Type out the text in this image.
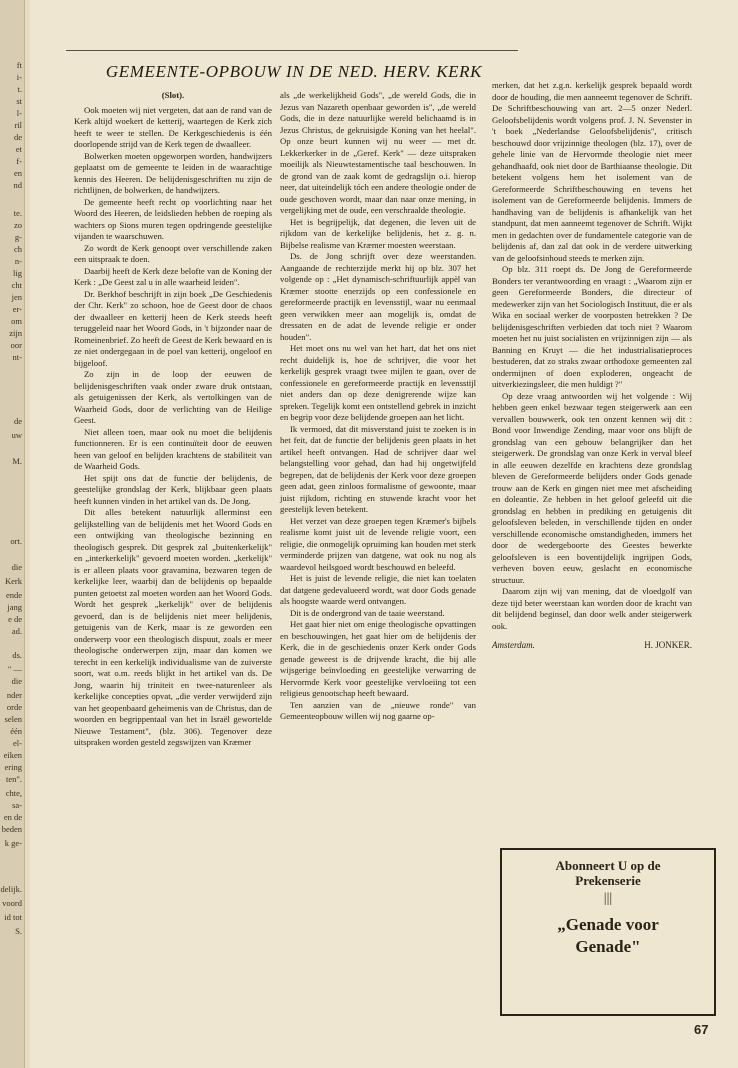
ft
i-
t.
st
l-
ril
de
et
f-
en
nd
te.
zo
g-
ch
n-
lig
cht
jen
er-
om
zijn
oor
nt-
de
uw
M.
ort.
die
Kerk
ende
jang
e de
ad.
ds.
" —
die
nder
orde
selen
één
el-
eiken
ering
ten".
chte,
sa-
en de
beden
k ge-
delijk.
voord
id tot
S.
GEMEENTE-OPBOUW IN DE NED. HERV. KERK

(Slot).

Ook moeten wij niet vergeten, dat aan de rand van de Kerk altijd woekert de ketterij, waartegen de Kerk zich heeft te weer te stellen. De Kerkgeschiedenis is één doorlopende strijd van de Kerk tegen de dwaalleer.

Bolwerken moeten opgeworpen worden, handwijzers geplaatst om de gemeente te leiden in de waarachtige kennis des Heeren. De belijdenisgeschriften nu zijn de richtlijnen, de bolwerken, de handwijzers.

De gemeente heeft recht op voorlichting naar het Woord des Heeren, de leidslieden hebben de roeping als wachters op Sions muren tegen opdringende geestelijke vijanden te waarschuwen.

Zo wordt de Kerk genoopt over verschillende zaken een uitspraak te doen.

Daarbij heeft de Kerk deze belofte van de Koning der Kerk : „De Geest zal u in alle waarheid leiden".

Dr. Berkhof beschrijft in zijn boek „De Geschiedenis der Chr. Kerk" zo schoon, hoe de Geest door de chaos der dwaalleer en ketterij heen de Kerk steeds heeft teruggeleid naar het Woord Gods, in 't bijzonder naar de Romeinenbrief. Zo heeft de Geest de Kerk bewaard en is ze niet ondergegaan in de poel van ketterij, ongeloof en bijgeloof.

Zo zijn in de loop der eeuwen de belijdenisgeschriften vaak onder zware druk ontstaan, als getuigenissen der Kerk, als vertolkingen van de Waarheid Gods, door de verlichting van de Heilige Geest.

Niet alleen toen, maar ook nu moet die belijdenis functionneren. Er is een continuïteit door de eeuwen heen van geloof en belijden krachtens de stabiliteit van de Waarheid Gods.

Het spijt ons dat de functie der belijdenis, de geestelijke grondslag der Kerk, blijkbaar geen plaats heeft kunnen vinden in het artikel van ds. De Jong.

Dit alles betekent natuurlijk allerminst een gelijkstelling van de belijdenis met het Woord Gods en een ontwijking van theologische bezinning en theologisch gesprek. Dit gesprek zal „buitenkerkelijk" en „interkerkelijk" gevoerd moeten worden. „kerkelijk" is er alleen plaats voor gravamina, bezwaren tegen de kerkelijke leer, waarbij dan de belijdenis op bepaalde punten getoetst zal moeten worden aan het Woord Gods. Wordt het gesprek „kerkelijk" over de belijdenis gevoerd, dan is de belijdenis niet meer belijdenis, getuigenis van de Kerk, maar is ze geworden een onderwerp voor een theologisch dispuut, zoals er meer theologische onderwerpen zijn, maar dan komen we terecht in een kerkelijk individualisme van de zuiverste soort, wat o.m. reeds blijkt in het artikel van ds. De Jong, waarin hij triniteit en twee-naturenleer als kerkelijke concepties opvat, „die verder verwijderd zijn van het geopenbaard geheimenis van de Christus, dan de woorden en begrippentaal van het in Israël gewortelde Nieuwe Testament", (blz. 306). Tegenover deze uitspraken worden gesteld zegswijzen van Kræmer

als „de werkelijkheid Gods", „de wereld Gods, die in Jezus van Nazareth openbaar geworden is", „de wereld Gods, die in deze natuurlijke wereld belichaamd is in Jezus Christus, de gekruisigde Koning van het heelal". Op onze beurt kunnen wij nu weer — met dr. Lekkerkerker in de „Geref. Kerk" — deze uitspraken moeilijk als Nieuwtestamentische taal beschouwen. In de grond van de zaak komt de gedragslijn o.i. hierop neer, dat uiteindelijk tóch een andere theologie onder de oude geschoven wordt, maar dan naar onze mening, in vergelijking met de oude, een verschraalde theologie.

Het is begrijpelijk, dat degenen, die leven uit de rijkdom van de kerkelijke belijdenis, het z. g. n. Bijbelse realisme van Kræmer moesten weerstaan.

Ds. de Jong schrijft over deze weerstanden. Aangaande de rechterzijde merkt hij op blz. 307 het volgende op : „Het dynamisch-schriftuurlijk appèl van Kræmer stootte enerzijds op een confessionele en gereformeerde practijk en levensstijl, waar nu eenmaal geen verwikken meer aan mogelijk is, omdat de dressaten en de adat de levende religie er onder houden".

Het moet ons nu wel van het hart, dat het ons niet recht duidelijk is, hoe de schrijver, die voor het kerkelijk gesprek vraagt twee mijlen te gaan, over de confessionele en gereformeerde practijk en levensstijl niet anders dan op deze denigrerende wijze kan spreken. Tegelijk komt een ontstellend gebrek in inzicht en begrip voor deze belijdende groepen aan het licht.

Ik vermoed, dat dit misverstand juist te zoeken is in het feit, dat de functie der belijdenis geen plaats in het artikel heeft ontvangen. Had de schrijver daar wel belangstelling voor gehad, dan had hij ongetwijfeld begrepen, dat de belijdenis der Kerk voor deze groepen geen adat, geen zinloos formalisme of gewoonte, maar juist rijkdom, richting en stuwende kracht voor het geestelijk leven betekent.

Het verzet van deze groepen tegen Kræmer's bijbels realisme komt juist uit de levende religie voort, een religie, die onmogelijk opruiming kan houden met sterk verminderde prijzen van datgene, wat ook nu nog als waardevol heilsgoed wordt beschouwd en beleefd.

Het is juist de levende religie, die niet kan toelaten dat datgene gedevalueerd wordt, wat door Gods genade als hoogste waarde werd ontvangen.

Dit is de ondergrond van de taaie weerstand.

Het gaat hier niet om enige theologische opvattingen en beschouwingen, het gaat hier om de belijdenis der Kerk, die in de geschiedenis onzer Kerk onder Gods genade geweest is de drijvende kracht, die bij alle wijsgerige beïnvloeding en geestelijke verwarring de Hervormde Kerk voor geestelijke vervloeiing tot een religieus genootschap heeft bewaard.

Ten aanzien van de „nieuwe ronde" van Gemeenteopbouw willen wij nog gaarne op-

merken, dat het z.g.n. kerkelijk gesprek bepaald wordt door de houding, die men aanneemt tegenover de Schrift. De Schriftbeschouwing van art. 2—5 onzer Nederl. Geloofsbelijdenis wordt volgens prof. J. N. Sevenster in 't boek „Nederlandse Geloofsbelijdenis", critisch beschouwd door vrijzinnige theologen (blz. 17), over de gehele linie van de Hervormde theologie niet meer gehandhaafd, ook niet door de Barthiaanse theologie. Dit betekent volgens hem het isolement van de Gereformeerde Schriftbeschouwing en tevens het isolement van de Gereformeerde belijdenis. Immers de handhaving van de belijdenis is afhankelijk van het standpunt, dat men aanneemt tegenover de Schrift. Wijkt men in gedachten over de fundamentele categorie van de belijdenis af, dan zal dat ook in de verdere uitwerking van de geloofsinhoud steeds te merken zijn.

Op blz. 311 roept ds. De Jong de Gereformeerde Bonders ter verantwoording en vraagt : „Waarom zijn er geen Gereformeerde Bonders, die directeur of medewerker zijn van het Sociologisch Instituut, die er als Wika en sociaal werker de voorposten betrekken ? De belijdenisgeschriften verbieden dat toch niet ? Waarom moeten het nu juist socialisten en vrijzinnigen zijn — als Banning en Kruyt — die het industrialisatieproces bestuderen, dat zo straks zwaar orthodoxe gemeenten zal ondermijnen of doen exploderen, ongeacht de uitverkiezingsleer, die men huldigt ?"

Op deze vraag antwoorden wij het volgende : Wij hebben geen enkel bezwaar tegen steigerwerk aan een vervallen bouwwerk, ook ten onzent kennen wij dit : Bond voor Inwendige Zending, maar voor ons blijft de grondslag van een gebouw belangrijker dan het steigerwerk. De grondslag van onze Kerk in verval bleef in alle eeuwen dezelfde en krachtens deze grondslag bleven de Gereformeerde belijders onder Gods genade trouw aan de Kerk en gingen niet mee met afscheiding en doleantie. Ze hebben in het geloof geleefd uit die grondslag en hebben in prediking en getuigenis dit geloofsleven beleden, in verschillende tijden en onder verschillende economische omstandigheden, immers het door de wedergeboorte des Geestes bewerkte geloofsleven is een boventijdelijk ingrijpen Gods, verheven boven eeuw, geslacht en economische structuur.

Daarom zijn wij van mening, dat de vloedgolf van deze tijd beter weerstaan kan worden door de kracht van dit belijdend beginsel, dan door welk ander steigerwerk ook.

Amsterdam.	H. JONKER.
Abonneert U op de
Prekenserie
|||
„Genade voor
Genade"
67
